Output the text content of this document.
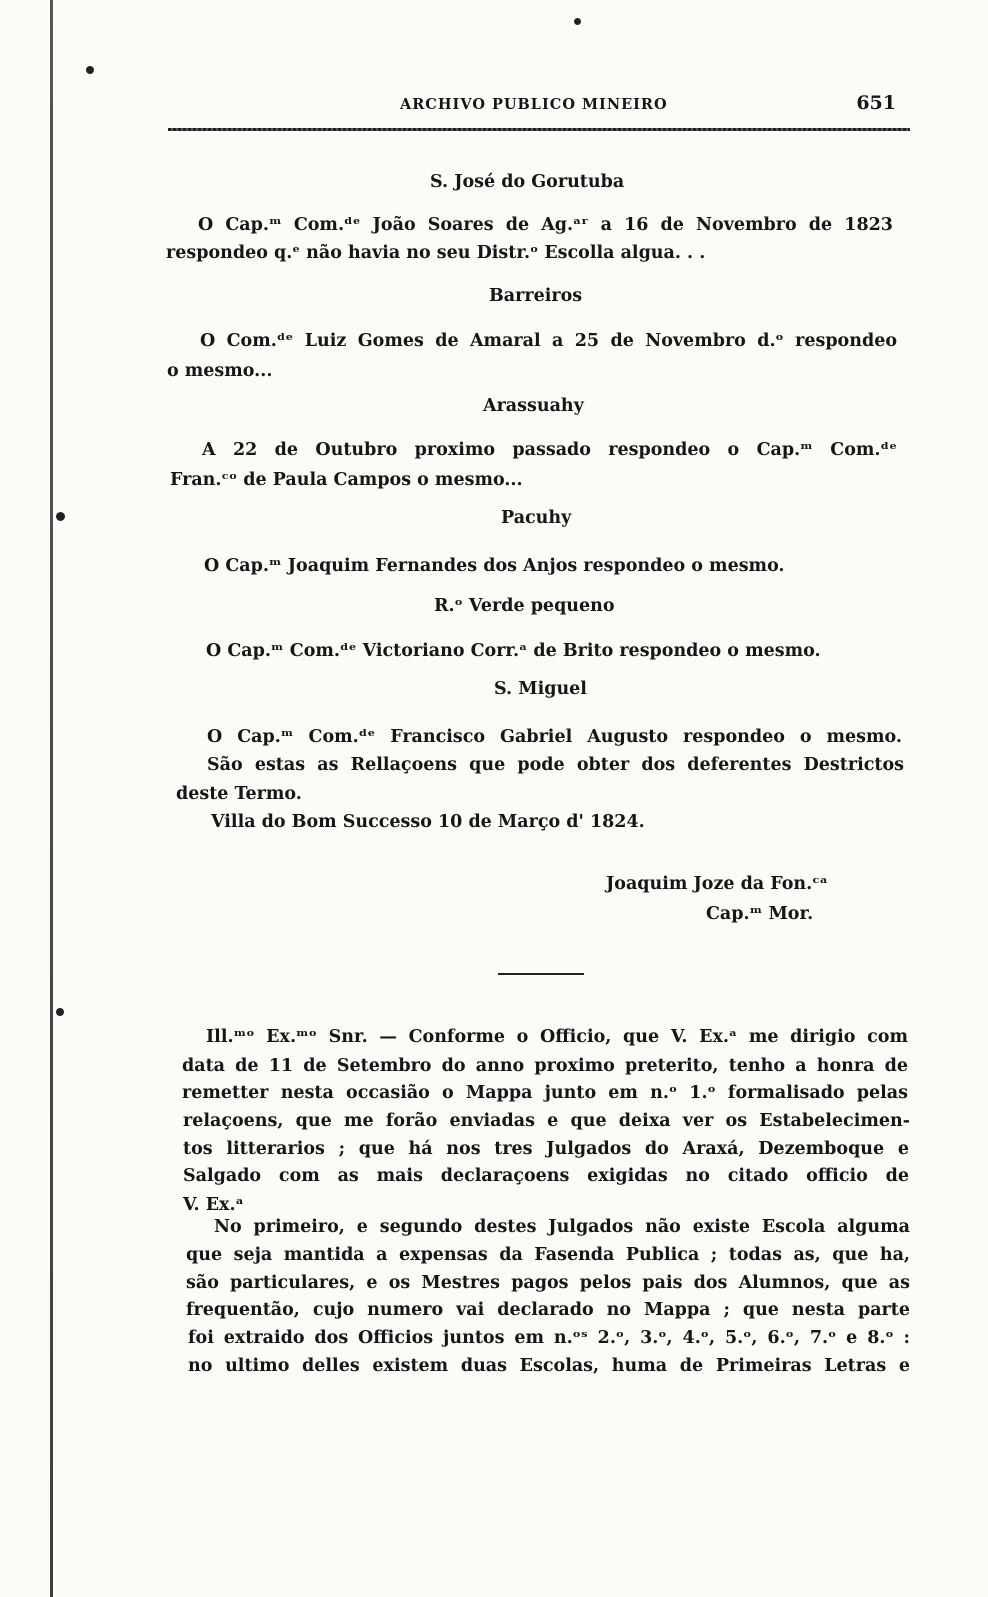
ARCHIVO PUBLICO MINEIRO	651
S. José do Gorutuba
O Cap.ᵐ Com.ᵈᵉ João Soares de Ag.ᵃʳ a 16 de Novembro de 1823
respondeo q.ᵉ não havia no seu Distr.ᵒ Escolla algua. . .
Barreiros
O Com.ᵈᵉ Luiz Gomes de Amaral a 25 de Novembro d.ᵒ respondeo
o mesmo...
Arassuahy
A 22 de Outubro proximo passado respondeo o Cap.ᵐ Com.ᵈᵉ
Fran.ᶜᵒ de Paula Campos o mesmo...
Pacuhy
O Cap.ᵐ Joaquim Fernandes dos Anjos respondeo o mesmo.
R.ᵒ Verde pequeno
O Cap.ᵐ Com.ᵈᵉ Victoriano Corr.ᵃ de Brito respondeo o mesmo.
S. Miguel
O Cap.ᵐ Com.ᵈᵉ Francisco Gabriel Augusto respondeo o mesmo.
São estas as Rellaçoens que pode obter dos deferentes Destrictos
deste Termo.
Villa do Bom Successo 10 de Março d' 1824.
Joaquim Joze da Fon.ᶜᵃ
Cap.ᵐ Mor.
Ill.ᵐᵒ Ex.ᵐᵒ Snr. — Conforme o Officio, que V. Ex.ᵃ me dirigio com
data de 11 de Setembro do anno proximo preterito, tenho a honra de
remetter nesta occasião o Mappa junto em n.ᵒ 1.ᵒ formalisado pelas
relaçoens, que me forão enviadas e que deixa ver os Estabelecimen-
tos litterarios ; que há nos tres Julgados do Araxá, Dezemboque e
Salgado com as mais declaraçoens exigidas no citado officio de
V. Ex.ᵃ
No primeiro, e segundo destes Julgados não existe Escola alguma
que seja mantida a expensas da Fasenda Publica ; todas as, que ha,
são particulares, e os Mestres pagos pelos pais dos Alumnos, que as
frequentão, cujo numero vai declarado no Mappa ; que nesta parte
foi extraido dos Officios juntos em n.ᵒˢ 2.ᵒ, 3.ᵒ, 4.ᵒ, 5.ᵒ, 6.ᵒ, 7.ᵒ e 8.ᵒ :
no ultimo delles existem duas Escolas, huma de Primeiras Letras e
